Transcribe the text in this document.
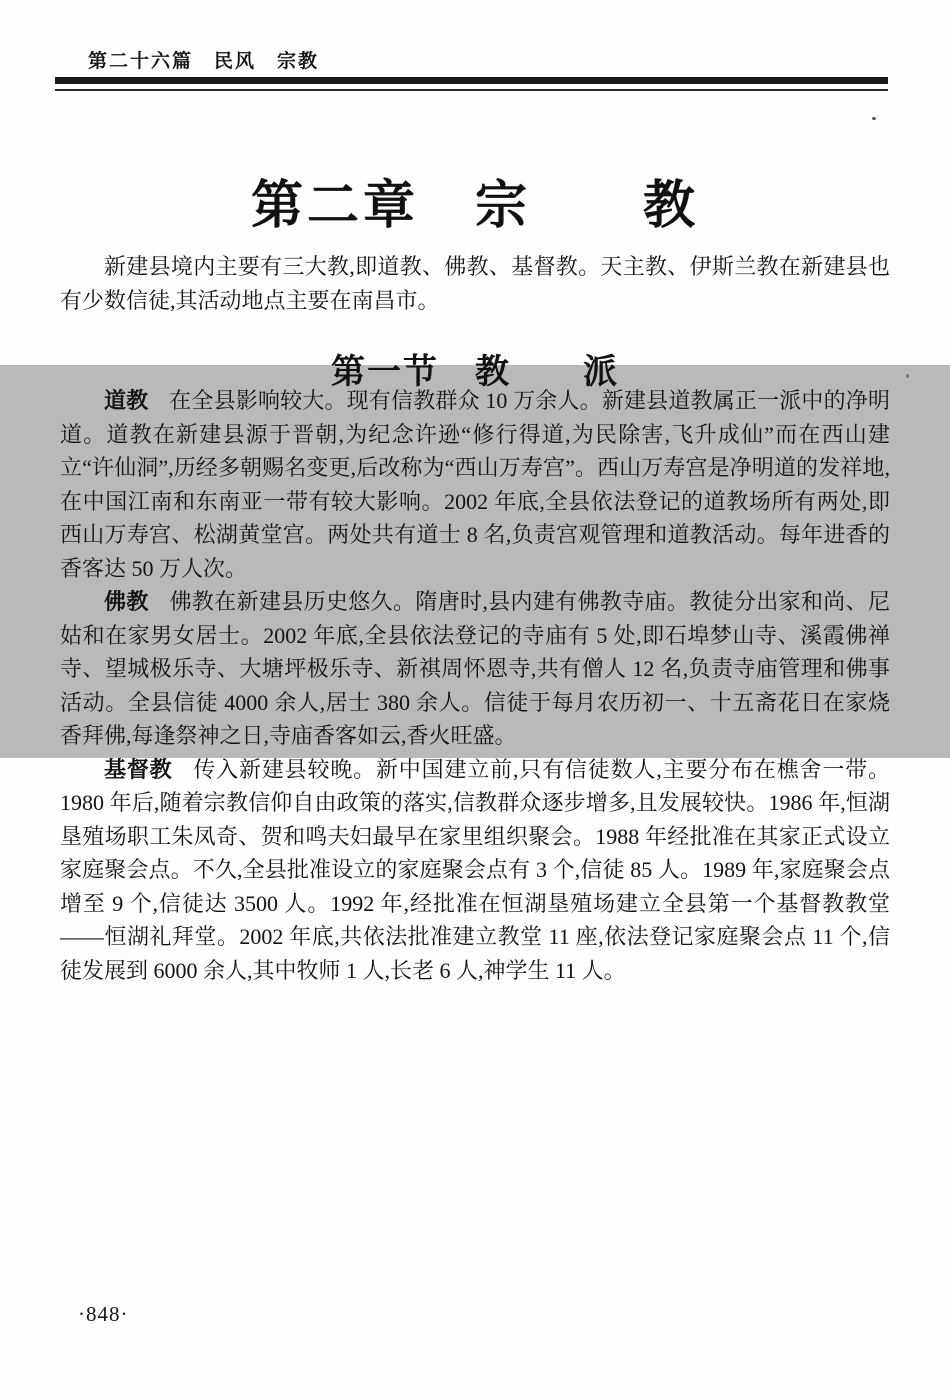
第二十六篇　民风　宗教
第二章　宗　　教

新建县境内主要有三大教,即道教、佛教、基督教。天主教、伊斯兰教在新建县也有少数信徒,其活动地点主要在南昌市。

第一节　教　　派

道教 在全县影响较大。现有信教群众 10 万余人。新建县道教属正一派中的净明道。道教在新建县源于晋朝,为纪念许逊“修行得道,为民除害,飞升成仙”而在西山建立“许仙洞”,历经多朝赐名变更,后改称为“西山万寿宫”。西山万寿宫是净明道的发祥地,在中国江南和东南亚一带有较大影响。2002 年底,全县依法登记的道教场所有两处,即西山万寿宫、松湖黄堂宫。两处共有道士 8 名,负责宫观管理和道教活动。每年进香的香客达 50 万人次。

佛教 佛教在新建县历史悠久。隋唐时,县内建有佛教寺庙。教徒分出家和尚、尼姑和在家男女居士。2002 年底,全县依法登记的寺庙有 5 处,即石埠梦山寺、溪霞佛禅寺、望城极乐寺、大塘坪极乐寺、新祺周怀恩寺,共有僧人 12 名,负责寺庙管理和佛事活动。全县信徒 4000 余人,居士 380 余人。信徒于每月农历初一、十五斋花日在家烧香拜佛,每逢祭神之日,寺庙香客如云,香火旺盛。

基督教 传入新建县较晚。新中国建立前,只有信徒数人,主要分布在樵舍一带。1980 年后,随着宗教信仰自由政策的落实,信教群众逐步增多,且发展较快。1986 年,恒湖垦殖场职工朱凤奇、贺和鸣夫妇最早在家里组织聚会。1988 年经批准在其家正式设立家庭聚会点。不久,全县批准设立的家庭聚会点有 3 个,信徒 85 人。1989 年,家庭聚会点增至 9 个,信徒达 3500 人。1992 年,经批准在恒湖垦殖场建立全县第一个基督教教堂——恒湖礼拜堂。2002 年底,共依法批准建立教堂 11 座,依法登记家庭聚会点 11 个,信徒发展到 6000 余人,其中牧师 1 人,长老 6 人,神学生 11 人。

·848·
